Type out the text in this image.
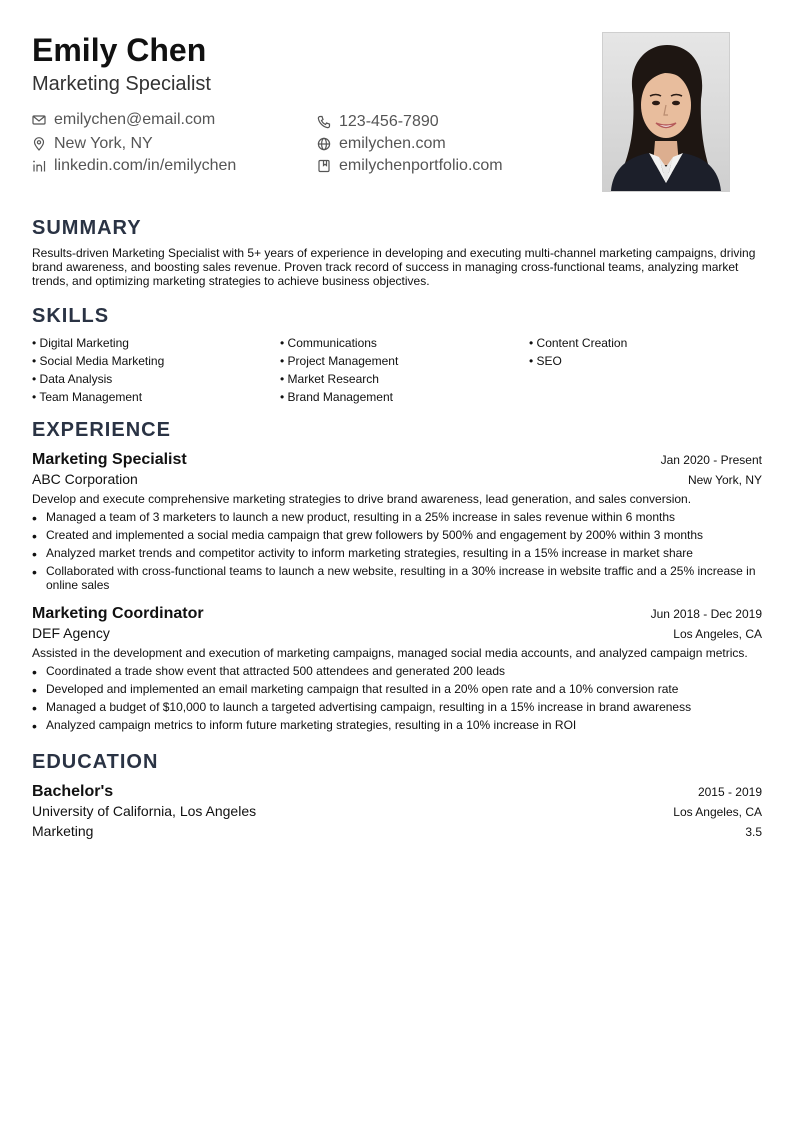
Emily Chen
Marketing Specialist
emilychen@email.com	123-456-7890
New York, NY	emilychen.com
linkedin.com/in/emilychen	emilychenportfolio.com
SUMMARY
Results-driven Marketing Specialist with 5+ years of experience in developing and executing multi-channel marketing campaigns, driving brand awareness, and boosting sales revenue. Proven track record of success in managing cross-functional teams, analyzing market trends, and optimizing marketing strategies to achieve business objectives.
SKILLS
• Digital Marketing	• Communications	• Content Creation
• Social Media Marketing	• Project Management	• SEO
• Data Analysis	• Market Research
• Team Management	• Brand Management
EXPERIENCE
Marketing Specialist	Jan 2020 - Present
ABC Corporation	New York, NY
Develop and execute comprehensive marketing strategies to drive brand awareness, lead generation, and sales conversion.
• Managed a team of 3 marketers to launch a new product, resulting in a 25% increase in sales revenue within 6 months
• Created and implemented a social media campaign that grew followers by 500% and engagement by 200% within 3 months
• Analyzed market trends and competitor activity to inform marketing strategies, resulting in a 15% increase in market share
• Collaborated with cross-functional teams to launch a new website, resulting in a 30% increase in website traffic and a 25% increase in online sales
Marketing Coordinator	Jun 2018 - Dec 2019
DEF Agency	Los Angeles, CA
Assisted in the development and execution of marketing campaigns, managed social media accounts, and analyzed campaign metrics.
• Coordinated a trade show event that attracted 500 attendees and generated 200 leads
• Developed and implemented an email marketing campaign that resulted in a 20% open rate and a 10% conversion rate
• Managed a budget of $10,000 to launch a targeted advertising campaign, resulting in a 15% increase in brand awareness
• Analyzed campaign metrics to inform future marketing strategies, resulting in a 10% increase in ROI
EDUCATION
Bachelor's	2015 - 2019
University of California, Los Angeles	Los Angeles, CA
Marketing	3.5
